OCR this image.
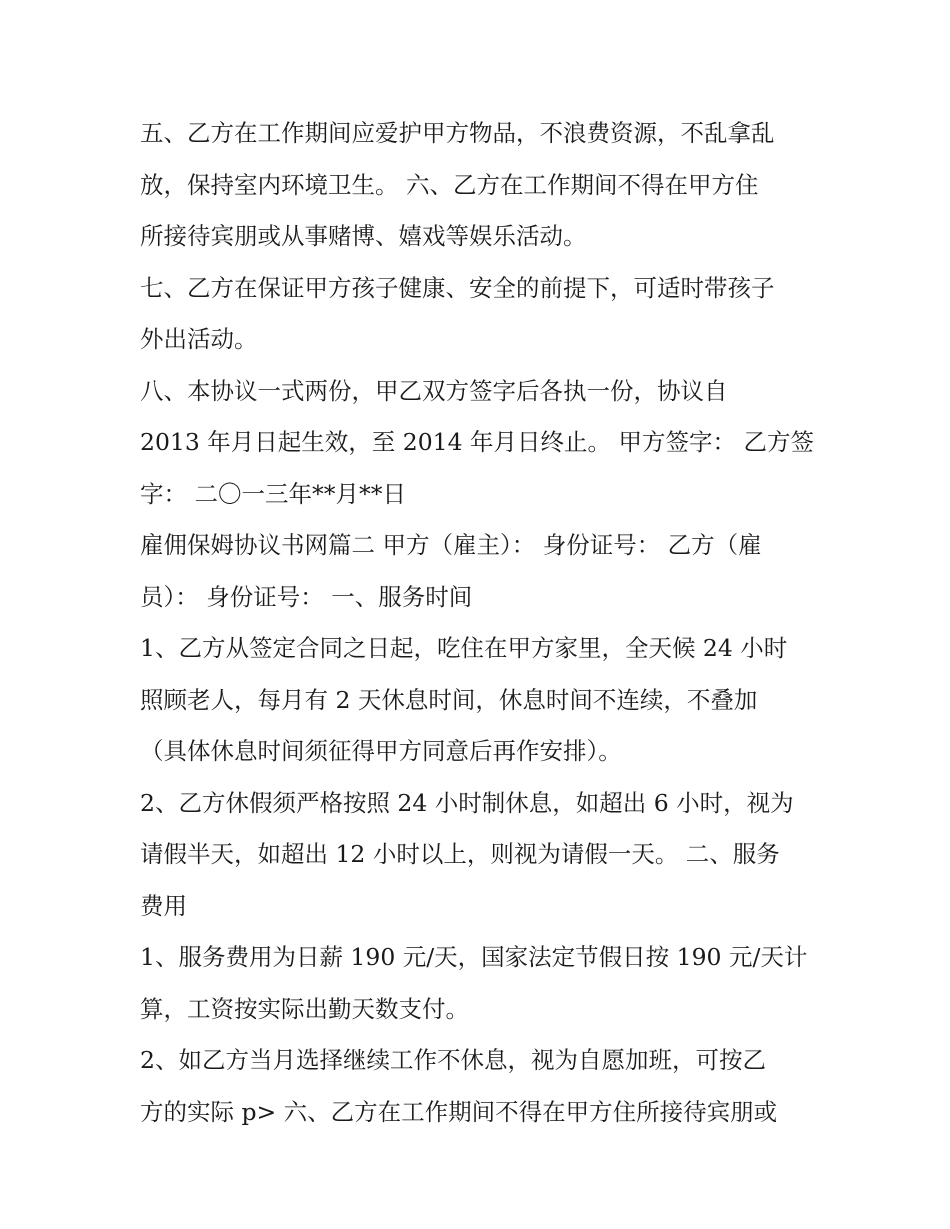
五、乙方在工作期间应爱护甲方物品，不浪费资源，不乱拿乱
放，保持室内环境卫生。 六、乙方在工作期间不得在甲方住
所接待宾朋或从事赌博、嬉戏等娱乐活动。

七、乙方在保证甲方孩子健康、安全的前提下，可适时带孩子
外出活动。

八、本协议一式两份，甲乙双方签字后各执一份，协议自
2013 年月日起生效，至 2014 年月日终止。 甲方签字： 乙方签
字： 二〇一三年**月**日

雇佣保姆协议书网篇二 甲方（雇主）： 身份证号： 乙方（雇
员）： 身份证号： 一、服务时间

1、乙方从签定合同之日起，吃住在甲方家里，全天候 24 小时
照顾老人，每月有 2 天休息时间，休息时间不连续，不叠加
（具体休息时间须征得甲方同意后再作安排）。

2、乙方休假须严格按照 24 小时制休息，如超出 6 小时，视为
请假半天，如超出 12 小时以上，则视为请假一天。 二、服务
费用

1、服务费用为日薪 190 元/天，国家法定节假日按 190 元/天计
算，工资按实际出勤天数支付。

2、如乙方当月选择继续工作不休息，视为自愿加班，可按乙
方的实际 p> 六、乙方在工作期间不得在甲方住所接待宾朋或
